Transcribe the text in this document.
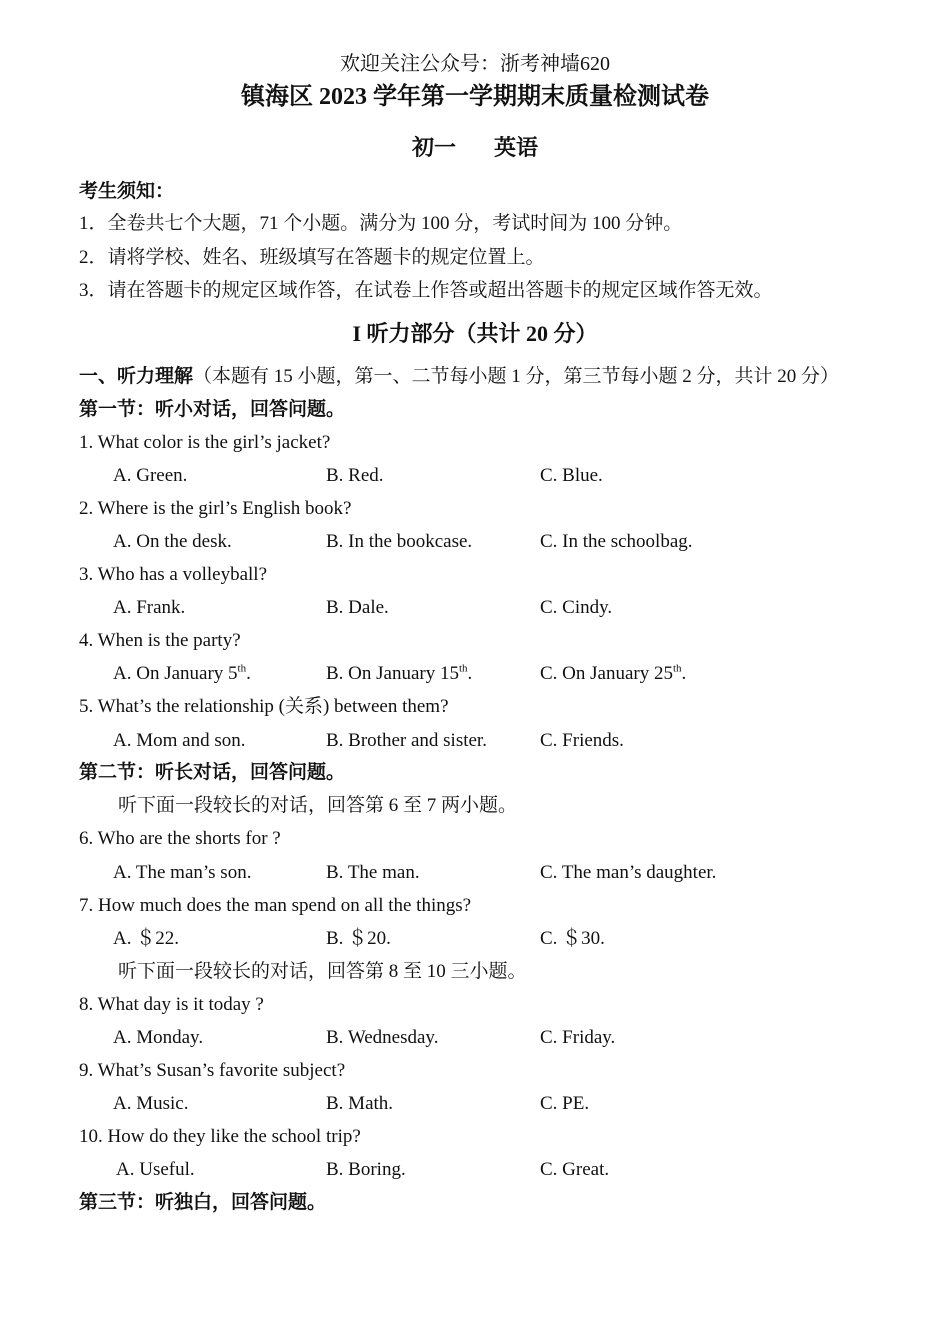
欢迎关注公众号：浙考神墙620
镇海区 2023 学年第一学期期末质量检测试卷
初一 英语
考生须知：
1．全卷共七个大题，71 个小题。满分为 100 分，考试时间为 100 分钟。
2．请将学校、姓名、班级填写在答题卡的规定位置上。
3．请在答题卡的规定区域作答，在试卷上作答或超出答题卡的规定区域作答无效。
I 听力部分（共计 20 分）
一、听力理解（本题有 15 小题，第一、二节每小题 1 分，第三节每小题 2 分，共计 20 分）
第一节：听小对话，回答问题。
1. What color is the girl’s jacket?
A. Green.	B. Red.	C. Blue.
2. Where is the girl’s English book?
A. On the desk.	B. In the bookcase.	C. In the schoolbag.
3. Who has a volleyball?
A. Frank.	B. Dale.	C. Cindy.
4. When is the party?
A. On January 5th.	B. On January 15th.	C. On January 25th.
5. What’s the relationship (关系) between them?
A. Mom and son.	B. Brother and sister.	C. Friends.
第二节：听长对话，回答问题。
听下面一段较长的对话，回答第 6 至 7 两小题。
6. Who are the shorts for ?
A. The man’s son.	B. The man.	C. The man’s daughter.
7. How much does the man spend on all the things?
A. ＄22.	B. ＄20.	C. ＄30.
听下面一段较长的对话，回答第 8 至 10 三小题。
8. What day is it today ?
A. Monday.	B. Wednesday.	C. Friday.
9. What’s Susan’s favorite subject?
A. Music.	B. Math.	C. PE.
10. How do they like the school trip?
A. Useful.	B. Boring.	C. Great.
第三节：听独白，回答问题。
